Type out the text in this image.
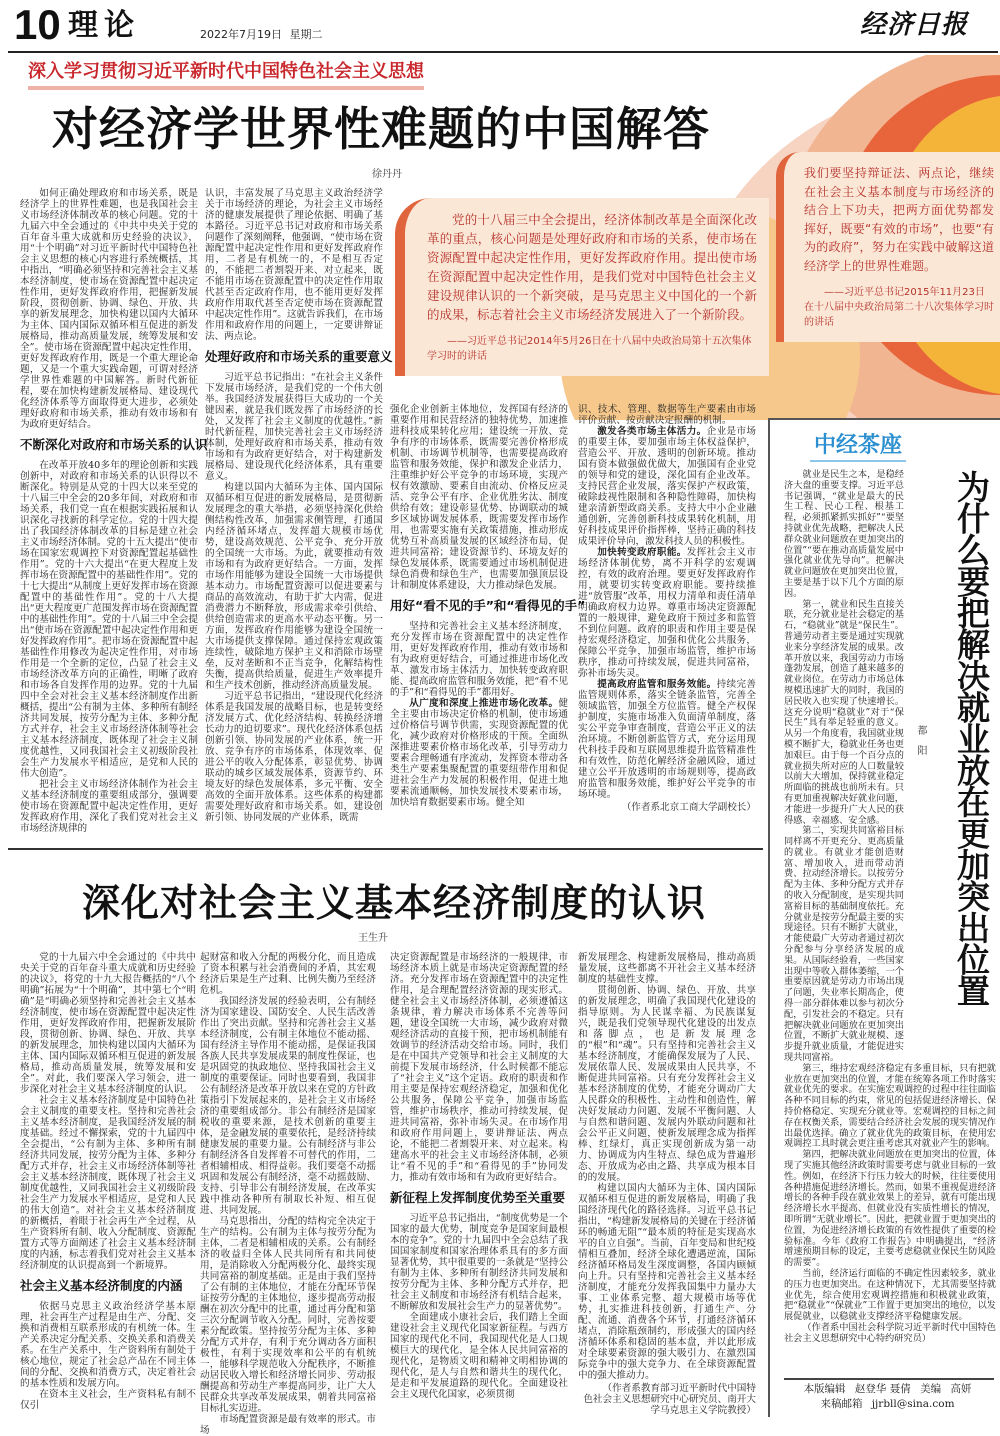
10 理论	2022年7月19日 星期二	经济日报
深入学习贯彻习近平新时代中国特色社会主义思想
对经济学世界性难题的中国解答
徐丹丹

党的十八届三中全会提出，经济体制改革是全面深化改革的重点，核心问题是处理好政府和市场的关系，使市场在资源配置中起决定性作用，更好发挥政府作用。提出使市场在资源配置中起决定性作用，是我们党对中国特色社会主义建设规律认识的一个新突破，是马克思主义中国化的一个新的成果，标志着社会主义市场经济发展进入了一个新阶段。

——习近平总书记2014年5月26日在十八届中央政治局第十五次集体学习时的讲话

我们要坚持辩证法、两点论，继续在社会主义基本制度与市场经济的结合上下功夫，把两方面优势都发挥好，既要“有效的市场”，也要“有为的政府”，努力在实践中破解这道经济学上的世界性难题。

——习近平总书记2015年11月23日在十八届中央政治局第二十八次集体学习时的讲话

如何正确处理政府和市场关系，既是经济学上的世界性难题，也是我国社会主义市场经济体制改革的核心问题。党的十九届六中全会通过的《中共中央关于党的百年奋斗重大成就和历史经验的决议》，用“十个明确”对习近平新时代中国特色社会主义思想的核心内容进行系统概括，其中指出，“明确必须坚持和完善社会主义基本经济制度，使市场在资源配置中起决定性作用，更好发挥政府作用，把握新发展阶段，贯彻创新、协调、绿色、开放、共享的新发展理念，加快构建以国内大循环为主体、国内国际双循环相互促进的新发展格局，推动高质量发展，统筹发展和安全”。使市场在资源配置中起决定性作用，更好发挥政府作用，既是一个重大理论命题，又是一个重大实践命题，可谓对经济学世界性难题的中国解答。新时代新征程，要在加快构建新发展格局、建设现代化经济体系等方面取得更大进步，必须处理好政府和市场关系，推动有效市场和有为政府更好结合。

不断深化对政府和市场关系的认识

在改革开放40多年的理论创新和实践创新中，对政府和市场关系的认识得以不断深化。特别是从党的十四大以来至党的十八届三中全会的20多年间，对政府和市场关系，我们党一直在根据实践拓展和认识深化寻找新的科学定位。党的十四大提出了我国经济体制改革的目标是建立社会主义市场经济体制。党的十五大提出“使市场在国家宏观调控下对资源配置起基础性作用”。党的十六大提出“在更大程度上发挥市场在资源配置中的基础性作用”。党的十七大提出“从制度上更好发挥市场在资源配置中的基础性作用”。党的十八大提出“更大程度更广范围发挥市场在资源配置中的基础性作用”。党的十八届三中全会提出“使市场在资源配置中起决定性作用和更好发挥政府作用”。把市场在资源配置中起基础性作用修改为起决定性作用，对市场作用是一个全新的定位，凸显了社会主义市场经济改革方向的正确性，明晰了政府和市场各自发挥作用的边界。党的十九届四中全会对社会主义基本经济制度作出新概括，提出“公有制为主体、多种所有制经济共同发展，按劳分配为主体、多种分配方式并存，社会主义市场经济体制等社会主义基本经济制度，既体现了社会主义制度优越性，又同我国社会主义初级阶段社会生产力发展水平相适应，是党和人民的伟大创造”。

把社会主义市场经济体制作为社会主义基本经济制度的重要组成部分，强调要使市场在资源配置中起决定性作用，更好发挥政府作用，深化了我们党对社会主义市场经济规律的

认识，丰富发展了马克思主义政治经济学关于市场经济的理论，为社会主义市场经济的健康发展提供了理论依据、明确了基本路径。习近平总书记对政府和市场关系问题作了深刻阐释，他强调，“使市场在资源配置中起决定性作用和更好发挥政府作用，二者是有机统一的，不是相互否定的，不能把二者割裂开来、对立起来，既不能用市场在资源配置中的决定性作用取代甚至否定政府作用，也不能用更好发挥政府作用取代甚至否定使市场在资源配置中起决定性作用”。这就告诉我们，在市场作用和政府作用的问题上，一定要讲辩证法、两点论。

处理好政府和市场关系的重要意义

习近平总书记指出：“在社会主义条件下发展市场经济，是我们党的一个伟大创举。我国经济发展获得巨大成功的一个关键因素，就是我们既发挥了市场经济的长处，又发挥了社会主义制度的优越性。”新时代新征程，加快完善社会主义市场经济体制，处理好政府和市场关系，推动有效市场和有为政府更好结合，对于构建新发展格局、建设现代化经济体系，具有重要意义。

构建以国内大循环为主体、国内国际双循环相互促进的新发展格局，是贯彻新发展理念的重大举措，必须坚持深化供给侧结构性改革，加强需求侧管理，打通国内经济循环堵点，发挥超大规模市场优势，建设高效规范、公平竞争、充分开放的全国统一大市场。为此，就要推动有效市场和有为政府更好结合。一方面，发挥市场作用能够为建设全国统一大市场提供基本动力。市场配置资源可以促进要素与商品的高效流动，有助于扩大内需，促进消费潜力不断释放，形成需求牵引供给、供给创造需求的更高水平动态平衡。另一方面，发挥政府作用能够为建设全国统一大市场提供支撑保障。通过保持宏观政策连续性，破除地方保护主义和消除市场壁垒，反对垄断和不正当竞争，化解结构性失衡，提高供给质量，促进生产效率提升和生产技术创新，推动经济高质量发展。

习近平总书记指出，“建设现代化经济体系是我国发展的战略目标，也是转变经济发展方式、优化经济结构、转换经济增长动力的迫切要求”。现代化经济体系包括创新引领、协同发展的产业体系，统一开放、竞争有序的市场体系，体现效率、促进公平的收入分配体系，彰显优势、协调联动的城乡区域发展体系，资源节约、环境友好的绿色发展体系，多元平衡、安全高效的全面开放体系。这些体系的构建都需要处理好政府和市场关系。如，建设创新引领、协同发展的产业体系，既需

强化企业创新主体地位，发挥国有经济的重要作用和民营经济的独特优势，加速推进科技成果转化应用；建设统一开放、竞争有序的市场体系，既需要完善价格形成机制、市场调节机制等，也需要提高政府监管和服务效能，保护和激发企业活力，注重维护好公平竞争的市场环境，实现产权有效激励、要素自由流动、价格反应灵活、竞争公平有序、企业优胜劣汰、制度供给有效；建设彰显优势、协调联动的城乡区域协调发展体系，既需要发挥市场作用，也需要实施有关政策措施，推动形成优势互补高质量发展的区域经济布局，促进共同富裕；建设资源节约、环境友好的绿色发展体系，既需要通过市场机制促进绿色消费和绿色生产，也需要加强顶层设计和制度体系建设，大力推动绿色发展。

用好“看不见的手”和“看得见的手”

坚持和完善社会主义基本经济制度，充分发挥市场在资源配置中的决定性作用，更好发挥政府作用，推动有效市场和有为政府更好结合，可通过推进市场化改革、激发市场主体活力、加快转变政府职能、提高政府监管和服务效能，把“看不见的手”和“看得见的手”都用好。

从广度和深度上推进市场化改革。健全主要由市场决定价格的机制，使市场通过价格信号调节供需，实现资源配置的优化，减少政府对价格形成的干预。全面纵深推进要素价格市场化改革，引导劳动力要素合理畅通有序流动，发挥资本带动各类生产要素集聚配置的重要纽带作用和促进社会生产力发展的积极作用，促进土地要素流通顺畅，加快发展技术要素市场，加快培育数据要素市场。健全知

识、技术、管理、数据等生产要素由市场评价贡献、按贡献决定报酬的机制。

激发各类市场主体活力。企业是市场的重要主体，要加强市场主体权益保护，营造公平、开放、透明的创新环境。推动国有资本做强做优做大，加强国有企业党的领导和党的建设，深化国有企业改革。支持民营企业发展，落实保护产权政策，破除歧视性限制和各种隐性障碍，加快构建亲清新型政商关系。支持大中小企业融通创新，完善创新科技成果转化机制，用好科技成果评价指挥棒，坚持正确的科技成果评价导向，激发科技人员的积极性。

加快转变政府职能。发挥社会主义市场经济体制优势，离不开科学的宏观调控，有效的政府治理。要更好发挥政府作用，就要切实转变政府职能。要持续推进“放管服”改革，用权力清单和责任清单明确政府权力边界。尊重市场决定资源配置的一般规律，避免政府干预过多和监管不到位问题。政府的职责和作用主要是保持宏观经济稳定，加强和优化公共服务，保障公平竞争，加强市场监管，维护市场秩序，推动可持续发展，促进共同富裕，弥补市场失灵。

提高政府监管和服务效能。持续完善监管规则体系，落实全链条监管，完善全领域监管，加强全方位监管。健全产权保护制度，实施市场准入负面清单制度，落实公平竞争审查制度，营造公平正义的法治环境。不断创新监管方式，充分运用现代科技手段和互联网思维提升监管精准性和有效性，防范化解经济金融风险，通过建立公平开放透明的市场规则等，提高政府监管和服务效能，维护好公平竞争的市场环境。

（作者系北京工商大学副校长）

深化对社会主义基本经济制度的认识
王生升

党的十九届六中全会通过的《中共中央关于党的百年奋斗重大成就和历史经验的决议》，将党的十九大报告概括的“八个明确”拓展为“十个明确”，其中第七个“明确”是“明确必须坚持和完善社会主义基本经济制度，使市场在资源配置中起决定性作用，更好发挥政府作用，把握新发展阶段，贯彻创新、协调、绿色、开放、共享的新发展理念，加快构建以国内大循环为主体、国内国际双循环相互促进的新发展格局，推动高质量发展，统筹发展和安全”。对此，我们要深入学习领会，进一步深化对社会主义基本经济制度的认识。

社会主义基本经济制度是中国特色社会主义制度的重要支柱。坚持和完善社会主义基本经济制度，是我国经济发展的制度基础。经过不懈探索，党的十九届四中全会提出，“公有制为主体、多种所有制经济共同发展，按劳分配为主体、多种分配方式并存，社会主义市场经济体制等社会主义基本经济制度，既体现了社会主义制度优越性，又同我国社会主义初级阶段社会生产力发展水平相适应，是党和人民的伟大创造”。对社会主义基本经济制度的新概括，着眼于社会再生产全过程，从生产资料所有制、收入分配制度、资源配置方式等方面阐述了社会主义基本经济制度的内涵，标志着我们党对社会主义基本经济制度的认识提高到一个新境界。

社会主义基本经济制度的内涵

依据马克思主义政治经济学基本原理，社会再生产过程是由生产、分配、交换和消费相互联系形成的有机统一体。生产关系决定分配关系、交换关系和消费关系。在生产关系中，生产资料所有制处于核心地位，规定了社会总产品在不同主体间的分配、交换和消费方式，决定着社会的基本性质和发展方向。

在资本主义社会，生产资料私有制不仅引

起财富和收入分配的两极分化，而且造成了资本积累与社会消费间的矛盾，其宏观经济后果是生产过剩、比例失衡乃至经济危机。

我国经济发展的经验表明，公有制经济为国家建设、国防安全、人民生活改善作出了突出贡献。坚持和完善社会主义基本经济制度，公有制主体地位不能动摇、国有经济主导作用不能动摇，是保证我国各族人民共享发展成果的制度性保证，也是巩固党的执政地位、坚持我国社会主义制度的重要保证。同时也要看到，我国非公有制经济是改革开放以来在党的方针政策指引下发展起来的，是社会主义市场经济的重要组成部分。非公有制经济是国家税收的重要来源，是技术创新的重要主体，是金融发展的重要依托，是经济持续健康发展的重要力量。公有制经济与非公有制经济各自发挥着不可替代的作用，二者相辅相成、相得益彰。我们要毫不动摇巩固和发展公有制经济，毫不动摇鼓励、支持、引导非公有制经济发展，在改革实践中推动各种所有制取长补短、相互促进、共同发展。

马克思指出，分配的结构完全决定于生产的结构。公有制为主体与按劳分配为主体，二者是相辅相成的关系。公有制经济的收益归全体人民共同所有和共同使用，是消除收入分配两极分化、最终实现共同富裕的制度基础。正是由于我们坚持了公有制的主体地位，才能在分配环节保证按劳分配的主体地位，逐步提高劳动报酬在初次分配中的比重，通过再分配和第三次分配调节收入分配。同时，完善按要素分配政策。坚持按劳分配为主体、多种分配方式并存，有利于充分调动各方面积极性，有利于实现效率和公平的有机统一，能够科学规范收入分配秩序，不断推动居民收入增长和经济增长同步、劳动报酬提高和劳动生产率提高同步，让广大人民群众共享改革发展成果，朝着共同富裕目标扎实迈进。

市场配置资源是最有效率的形式。市场

决定资源配置是市场经济的一般规律，市场经济本质上就是市场决定资源配置的经济。充分发挥市场在资源配置中的决定性作用，是合理配置经济资源的现实形式。健全社会主义市场经济体制，必须遵循这条规律，着力解决市场体系不完善等问题，建设全国统一大市场，减少政府对微观经济活动的直接干预，把市场机制能有效调节的经济活动交给市场。同时，我们是在中国共产党领导和社会主义制度的大前提下发展市场经济，什么时候都不能忘了“社会主义”这个定语。政府的职责和作用主要是保持宏观经济稳定，加强和优化公共服务，保障公平竞争，加强市场监管，维护市场秩序，推动可持续发展，促进共同富裕，弥补市场失灵。在市场作用和政府作用问题上，要讲辩证法、两点论，不能把二者割裂开来、对立起来。构建高水平的社会主义市场经济体制，必须让“看不见的手”和“看得见的手”协同发力，推动有效市场和有为政府更好结合。

新征程上发挥制度优势至关重要

习近平总书记指出，“制度优势是一个国家的最大优势，制度竞争是国家间最根本的竞争”。党的十九届四中全会总结了我国国家制度和国家治理体系具有的多方面显著优势，其中很重要的一条就是“坚持公有制为主体、多种所有制经济共同发展和按劳分配为主体、多种分配方式并存，把社会主义制度和市场经济有机结合起来，不断解放和发展社会生产力的显著优势”。

全面建成小康社会后，我们踏上全面建设社会主义现代化国家新征程。与西方国家的现代化不同，我国现代化是人口规模巨大的现代化，是全体人民共同富裕的现代化，是物质文明和精神文明相协调的现代化，是人与自然和谐共生的现代化，是走和平发展道路的现代化。全面建设社会主义现代化国家，必须贯彻

新发展理念、构建新发展格局，推动高质量发展，这些都离不开社会主义基本经济制度的基础性支撑。

贯彻创新、协调、绿色、开放、共享的新发展理念，明确了我国现代化建设的指导原则。为人民谋幸福、为民族谋复兴，既是我们党领导现代化建设的出发点和落脚点，也是新发展理念的“根”和“魂”。只有坚持和完善社会主义基本经济制度，才能确保发展为了人民、发展依靠人民、发展成果由人民共享，不断促进共同富裕。只有充分发挥社会主义基本经济制度的优势，才能充分调动广大人民群众的积极性、主动性和创造性，解决好发展动力问题、发展不平衡问题、人与自然和谐问题、发展内外联动问题和社会公平正义问题，使新发展理念成为指挥棒、红绿灯，真正实现创新成为第一动力、协调成为内生特点、绿色成为普遍形态、开放成为必由之路、共享成为根本目的的发展。

构建以国内大循环为主体、国内国际双循环相互促进的新发展格局，明确了我国经济现代化的路径选择。习近平总书记指出，“构建新发展格局的关键在于经济循环的畅通无阻”“最本质的特征是实现高水平的自立自强”。当前，百年变局和世纪疫情相互叠加，经济全球化遭遇逆流，国际经济循环格局发生深度调整，各国内顾倾向上升。只有坚持和完善社会主义基本经济制度，才能充分发挥我国集中力量办大事、工业体系完整、超大规模市场等优势，扎实推进科技创新，打通生产、分配、流通、消费各个环节，打通经济循环堵点，消除瓶颈制约，形成强大的国内经济循环体系和稳固的基本盘，并以此形成对全球要素资源的强大吸引力、在激烈国际竞争中的强大竞争力、在全球资源配置中的强大推动力。

（作者系教育部习近平新时代中国特色社会主义思想研究中心研究员、南开大学马克思主义学院教授）

中经茶座
都阳 为什么要把解决就业放在更加突出位置

就业是民生之本，是稳经济大盘的重要支撑。习近平总书记强调，“就业是最大的民生工程、民心工程、根基工程，必须抓紧抓实抓好”“要坚持就业优先战略，把解决人民群众就业问题放在更加突出的位置”“要在推动高质量发展中强化就业优先导向”。把解决就业问题放在更加突出位置，主要是基于以下几个方面的原因。

第一，就业和民生直接关联，充分就业是社会稳定的基石，“稳就业”就是“保民生”。普通劳动者主要是通过实现就业来分享经济发展的成果。改革开放以来，我国劳动力市场蓬勃发展，创造了越来越多的就业岗位。在劳动力市场总体规模迅速扩大的同时，我国的居民收入也实现了快速增长。这充分说明“稳就业”对于“保民生”具有举足轻重的意义。从另一个角度看，我国就业规模不断扩大，稳就业任务也更加艰巨。由于每一个百分点的就业损失所对应的人口数量较以前大大增加，保持就业稳定所面临的挑战也前所未有。只有更加重视解决好就业问题，才能进一步提升广大人民的获得感、幸福感、安全感。

第二，实现共同富裕目标同样离不开更充分、更高质量的就业。有就业才能创造财富、增加收入，进而带动消费、拉动经济增长。以按劳分配为主体、多种分配方式并存的收入分配制度，是实现共同富裕目标的基础制度依托。充分就业是按劳分配最主要的实现途径。只有不断扩大就业，才能使最广大劳动者通过初次分配参与分享经济发展的成果。从国际经验看，一些国家出现中等收入群体萎缩，一个重要原因就是劳动力市场出现了问题，失业率长期高企，使得一部分群体难以参与初次分配，引发社会的不稳定。只有把解决就业问题放在更加突出位置，不断扩大就业规模、逐步提升就业质量，才能促进实现共同富裕。

第三，维持宏观经济稳定有多重目标，只有把就业放在更加突出的位置，才能在统筹各项工作时落实就业优先的要求。在实施宏观调控的过程中往往面临各种不同目标的约束，常见的包括促进经济增长、保持价格稳定、实现充分就业等。宏观调控的目标之间存在权衡关系，需要结合经济社会发展的现实情况作出最优选择。确立了就业优先的政策目标，在使用宏观调控工具时就会更注重考虑其对就业产生的影响。

第四，把解决就业问题放在更加突出的位置，体现了实施其他经济政策时需要考虑与就业目标的一致性。例如，在经济下行压力较大的时候，往往要使用各种措施促进经济增长。然而，如果不重视促进经济增长的各种手段在就业效果上的差异，就有可能出现经济增长水平提高、但就业没有实质性增长的情况，即所谓“无就业增长”。因此，把就业置于更加突出的位置，为促进经济增长政策的有效性提供了重要的检验标准。今年《政府工作报告》中明确提出，“经济增速预期目标的设定，主要考虑稳就业保民生防风险的需要”。

当前，经济运行面临的不确定性因素较多，就业的压力也更加突出。在这种情况下，尤其需要坚持就业优先，综合使用宏观调控措施和积极就业政策，把“稳就业”“保就业”工作置于更加突出的地位，以发展促就业，以稳就业支撑经济平稳健康发展。

（作者系中国社会科学院习近平新时代中国特色社会主义思想研究中心特约研究员）

本版编辑 赵登华 聂倩 美编 高妍
来稿邮箱 jjrbll@sina.com
